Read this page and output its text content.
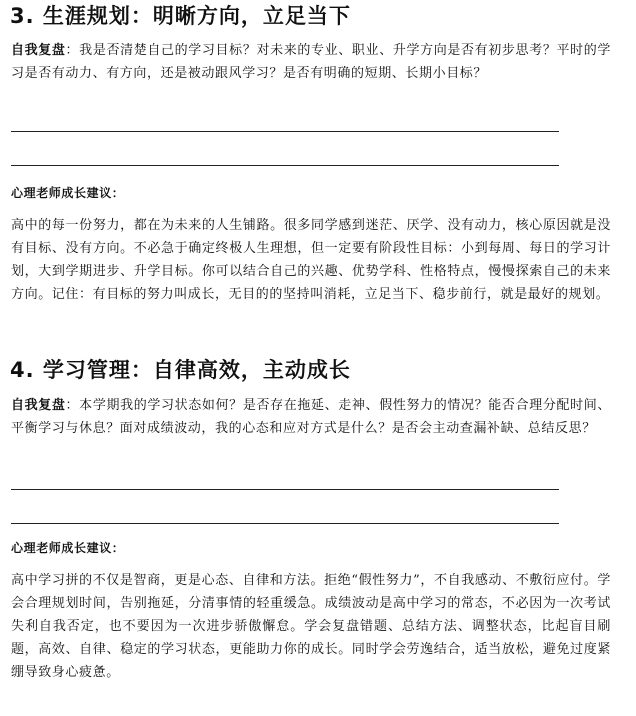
3. 生涯规划：明晰方向，立足当下

自我复盘：我是否清楚自己的学习目标？对未来的专业、职业、升学方向是否有初步思考？平时的学习是否有动力、有方向，还是被动跟风学习？是否有明确的短期、长期小目标？

心理老师成长建议：

高中的每一份努力，都在为未来的人生铺路。很多同学感到迷茫、厌学、没有动力，核心原因就是没有目标、没有方向。不必急于确定终极人生理想，但一定要有阶段性目标：小到每周、每日的学习计划，大到学期进步、升学目标。你可以结合自己的兴趣、优势学科、性格特点，慢慢探索自己的未来方向。记住：有目标的努力叫成长，无目的的坚持叫消耗，立足当下、稳步前行，就是最好的规划。

4. 学习管理：自律高效，主动成长

自我复盘：本学期我的学习状态如何？是否存在拖延、走神、假性努力的情况？能否合理分配时间、平衡学习与休息？面对成绩波动，我的心态和应对方式是什么？是否会主动查漏补缺、总结反思？

心理老师成长建议：

高中学习拼的不仅是智商，更是心态、自律和方法。拒绝“假性努力”，不自我感动、不敷衍应付。学会合理规划时间，告别拖延，分清事情的轻重缓急。成绩波动是高中学习的常态，不必因为一次考试失利自我否定，也不要因为一次进步骄傲懈怠。学会复盘错题、总结方法、调整状态，比起盲目刷题，高效、自律、稳定的学习状态，更能助力你的成长。同时学会劳逸结合，适当放松，避免过度紧绷导致身心疲惫。
